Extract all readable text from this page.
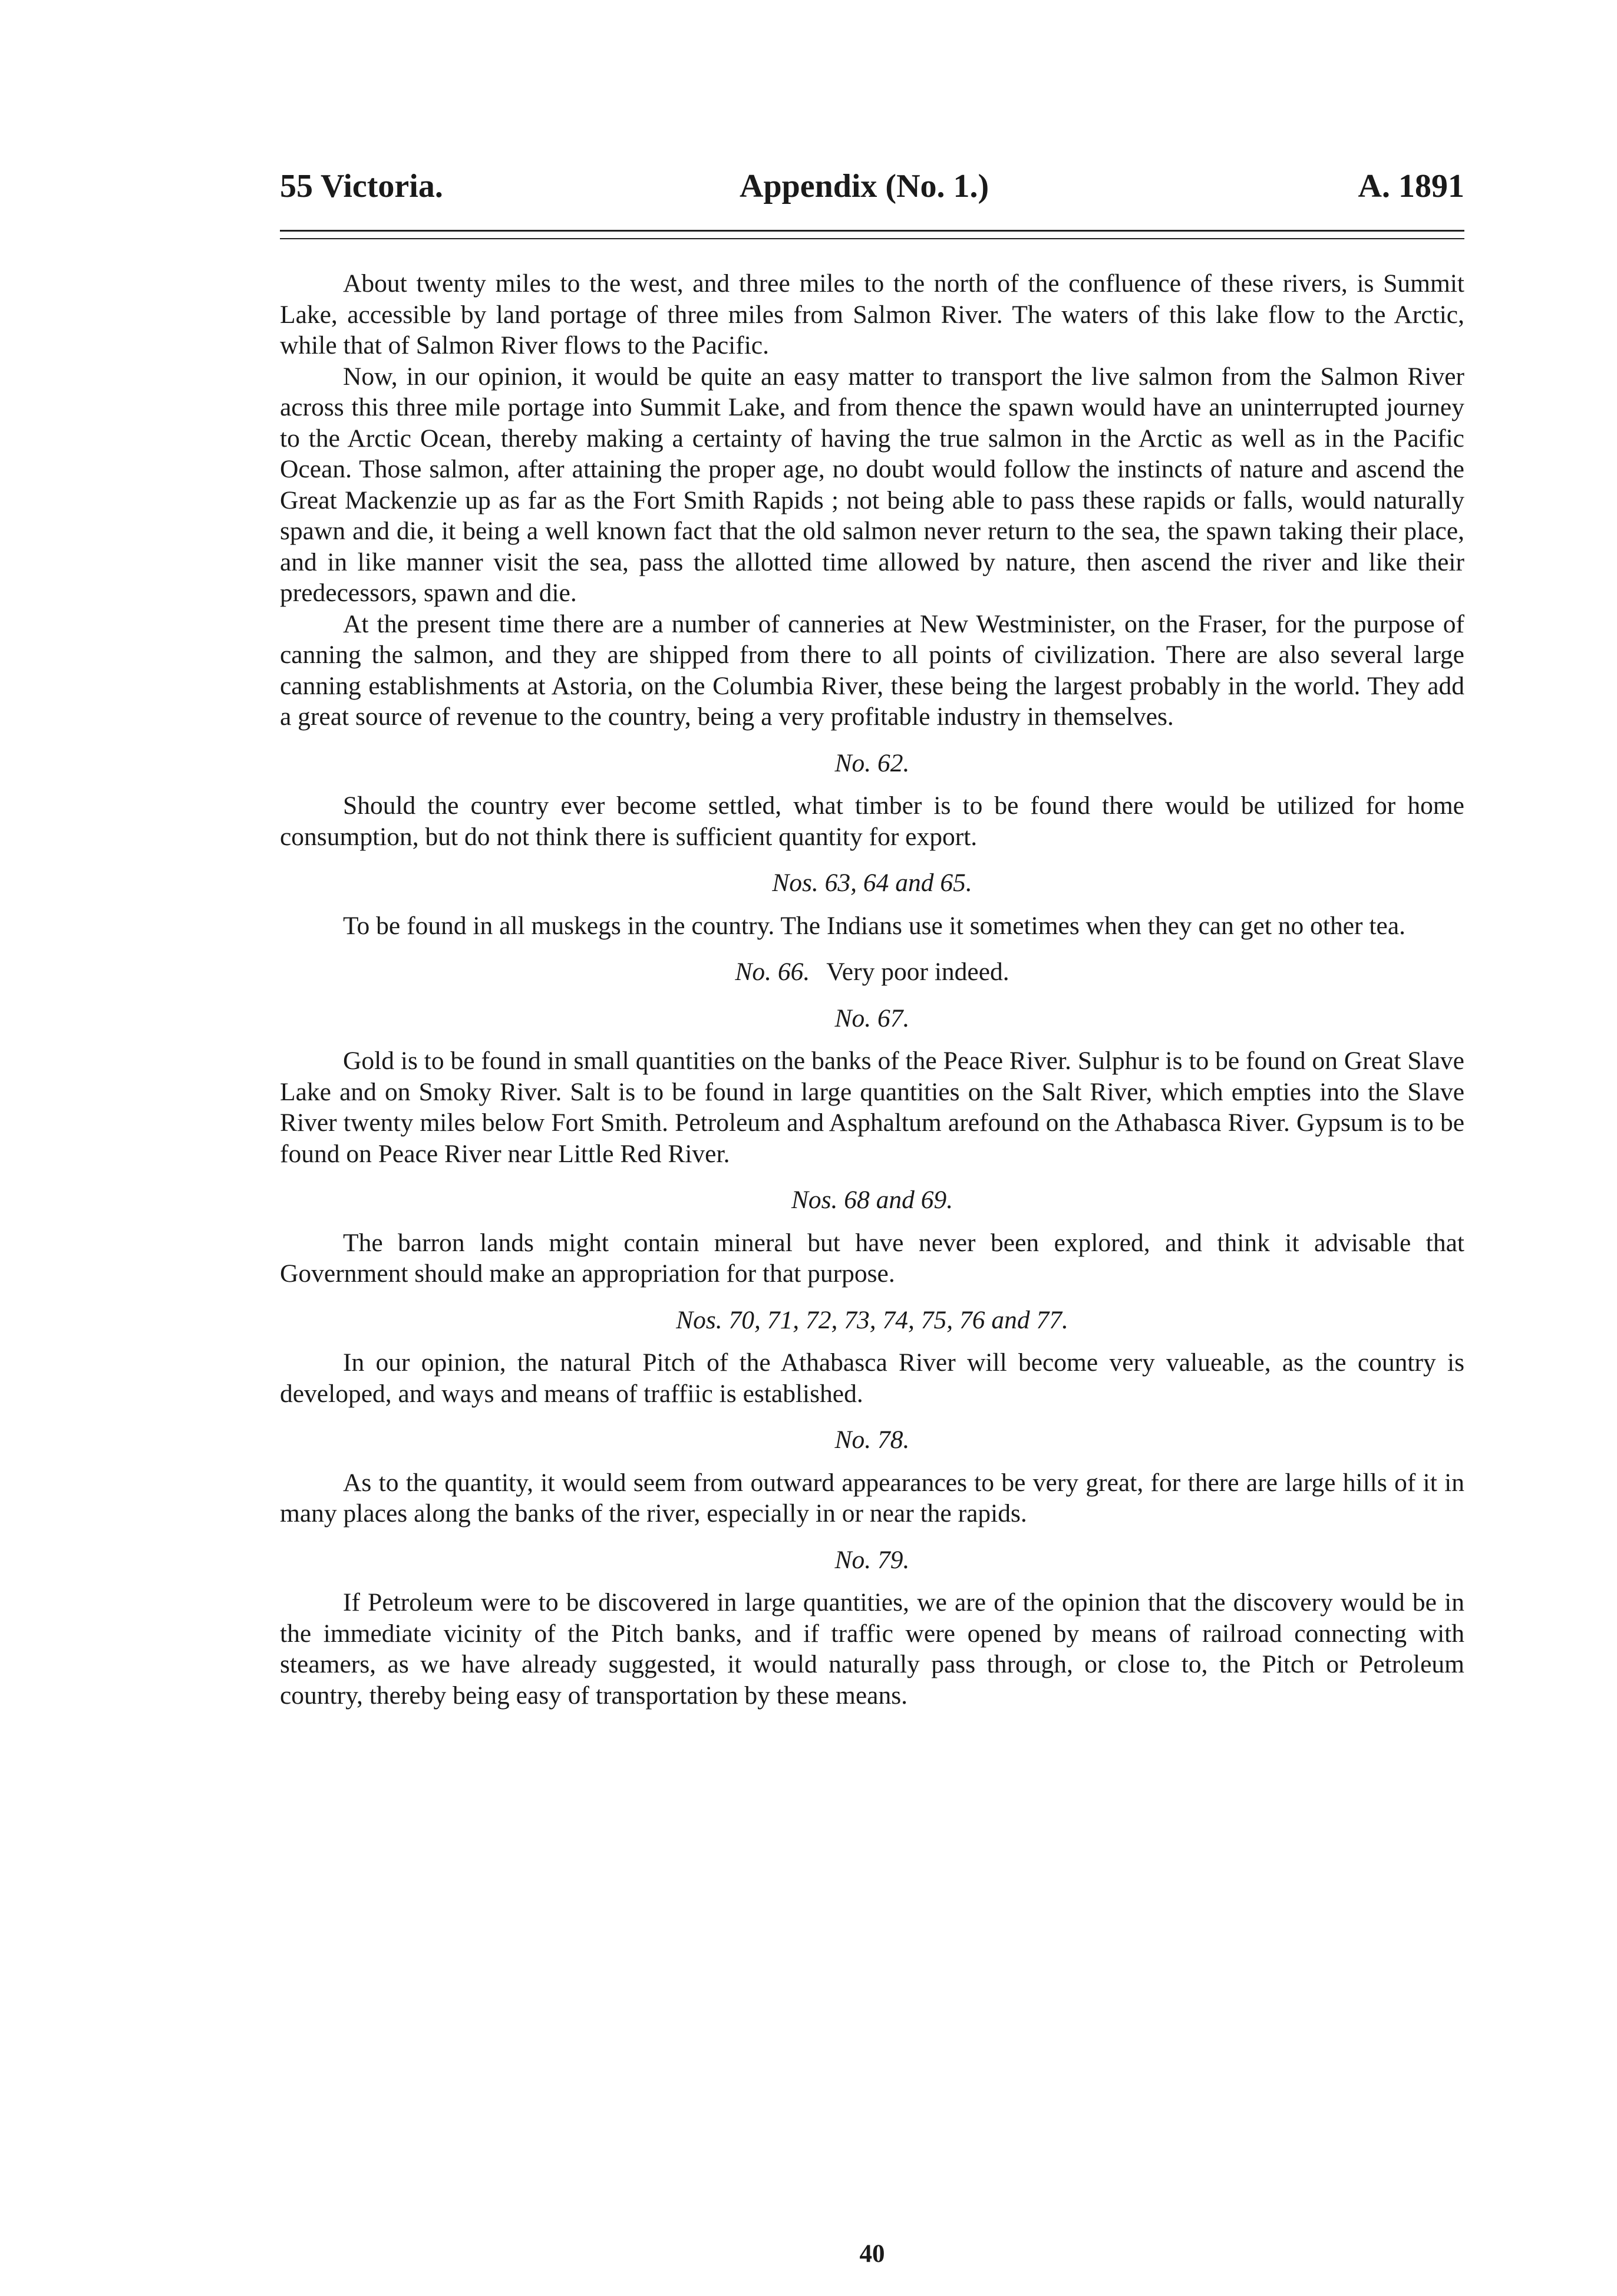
55 Victoria.	Appendix (No. 1.)	A. 1891

About twenty miles to the west, and three miles to the north of the confluence of these rivers, is Summit Lake, accessible by land portage of three miles from Salmon River. The waters of this lake flow to the Arctic, while that of Salmon River flows to the Pacific.

Now, in our opinion, it would be quite an easy matter to transport the live salmon from the Salmon River across this three mile portage into Summit Lake, and from thence the spawn would have an uninterrupted journey to the Arctic Ocean, thereby making a certainty of having the true salmon in the Arctic as well as in the Pacific Ocean. Those salmon, after attaining the proper age, no doubt would follow the instincts of nature and ascend the Great Mackenzie up as far as the Fort Smith Rapids ; not being able to pass these rapids or falls, would naturally spawn and die, it being a well known fact that the old salmon never return to the sea, the spawn taking their place, and in like manner visit the sea, pass the allotted time allowed by nature, then ascend the river and like their predecessors, spawn and die.

At the present time there are a number of canneries at New Westminister, on the Fraser, for the purpose of canning the salmon, and they are shipped from there to all points of civilization. There are also several large canning establishments at Astoria, on the Columbia River, these being the largest probably in the world. They add a great source of revenue to the country, being a very profitable industry in themselves.

No. 62.

Should the country ever become settled, what timber is to be found there would be utilized for home consumption, but do not think there is sufficient quantity for export.

Nos. 63, 64 and 65.

To be found in all muskegs in the country. The Indians use it sometimes when they can get no other tea.

No. 66. Very poor indeed.
No. 67.

Gold is to be found in small quantities on the banks of the Peace River. Sulphur is to be found on Great Slave Lake and on Smoky River. Salt is to be found in large quantities on the Salt River, which empties into the Slave River twenty miles below Fort Smith. Petroleum and Asphaltum arefound on the Athabasca River. Gypsum is to be found on Peace River near Little Red River.

Nos. 68 and 69.

The barron lands might contain mineral but have never been explored, and think it advisable that Government should make an appropriation for that purpose.

Nos. 70, 71, 72, 73, 74, 75, 76 and 77.

In our opinion, the natural Pitch of the Athabasca River will become very valueable, as the country is developed, and ways and means of traffiic is established.

No. 78.

As to the quantity, it would seem from outward appearances to be very great, for there are large hills of it in many places along the banks of the river, especially in or near the rapids.

No. 79.

If Petroleum were to be discovered in large quantities, we are of the opinion that the discovery would be in the immediate vicinity of the Pitch banks, and if traffic were opened by means of railroad connecting with steamers, as we have already suggested, it would naturally pass through, or close to, the Pitch or Petroleum country, thereby being easy of transportation by these means.

40
